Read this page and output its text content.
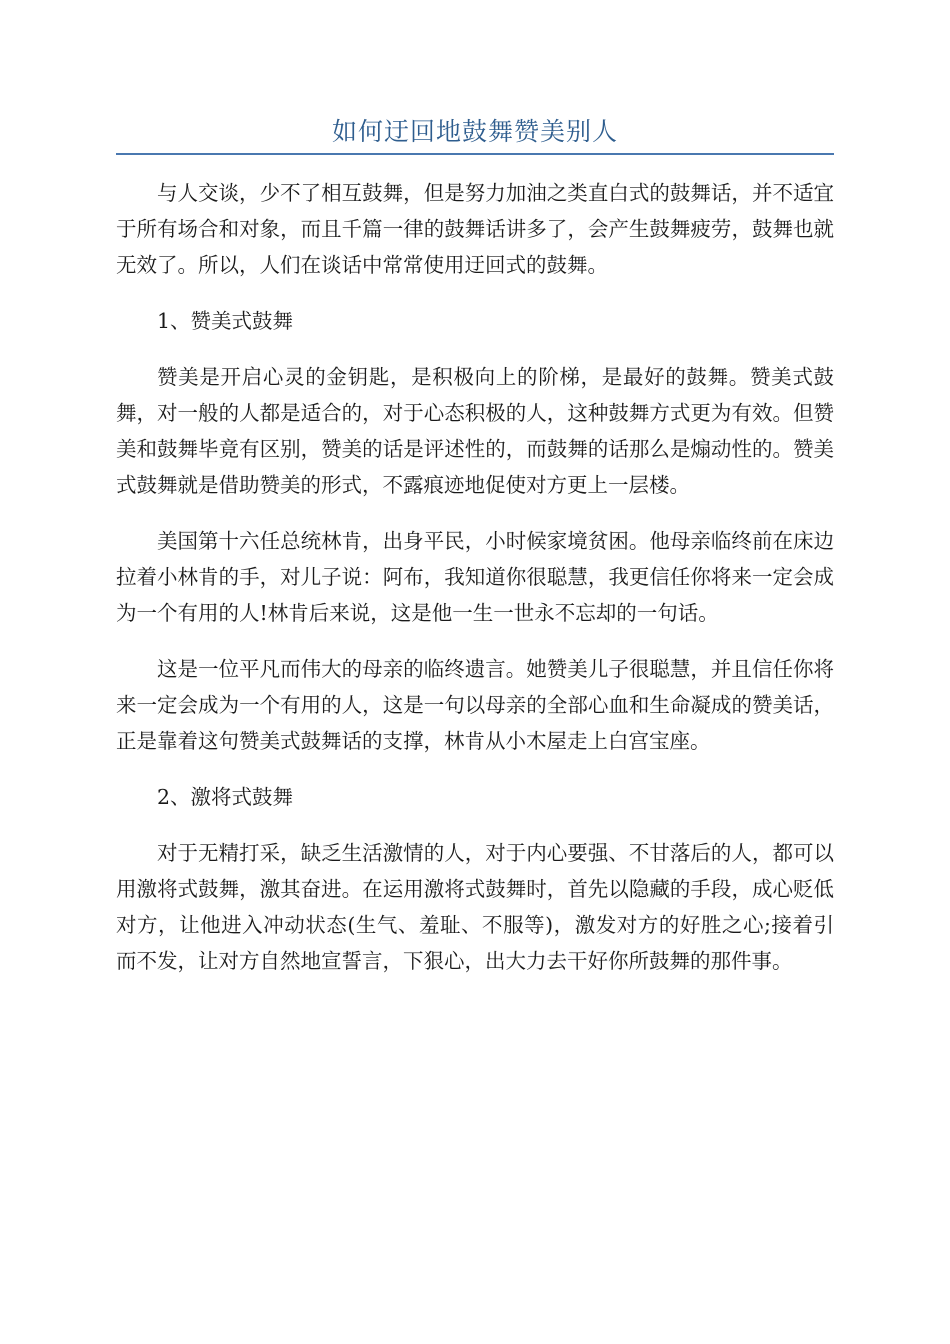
如何迂回地鼓舞赞美别人

与人交谈，少不了相互鼓舞，但是努力加油之类直白式的鼓舞话，并不适宜于所有场合和对象，而且千篇一律的鼓舞话讲多了，会产生鼓舞疲劳，鼓舞也就无效了。所以，人们在谈话中常常使用迂回式的鼓舞。

1、赞美式鼓舞

赞美是开启心灵的金钥匙，是积极向上的阶梯，是最好的鼓舞。赞美式鼓舞，对一般的人都是适合的，对于心态积极的人，这种鼓舞方式更为有效。但赞美和鼓舞毕竟有区别，赞美的话是评述性的，而鼓舞的话那么是煽动性的。赞美式鼓舞就是借助赞美的形式，不露痕迹地促使对方更上一层楼。

美国第十六任总统林肯，出身平民，小时候家境贫困。他母亲临终前在床边拉着小林肯的手，对儿子说：阿布，我知道你很聪慧，我更信任你将来一定会成为一个有用的人!林肯后来说，这是他一生一世永不忘却的一句话。

这是一位平凡而伟大的母亲的临终遗言。她赞美儿子很聪慧，并且信任你将来一定会成为一个有用的人，这是一句以母亲的全部心血和生命凝成的赞美话，正是靠着这句赞美式鼓舞话的支撑，林肯从小木屋走上白宫宝座。

2、激将式鼓舞

对于无精打采，缺乏生活激情的人，对于内心要强、不甘落后的人，都可以用激将式鼓舞，激其奋进。在运用激将式鼓舞时，首先以隐藏的手段，成心贬低对方，让他进入冲动状态(生气、羞耻、不服等)，激发对方的好胜之心;接着引而不发，让对方自然地宣誓言，下狠心，出大力去干好你所鼓舞的那件事。
